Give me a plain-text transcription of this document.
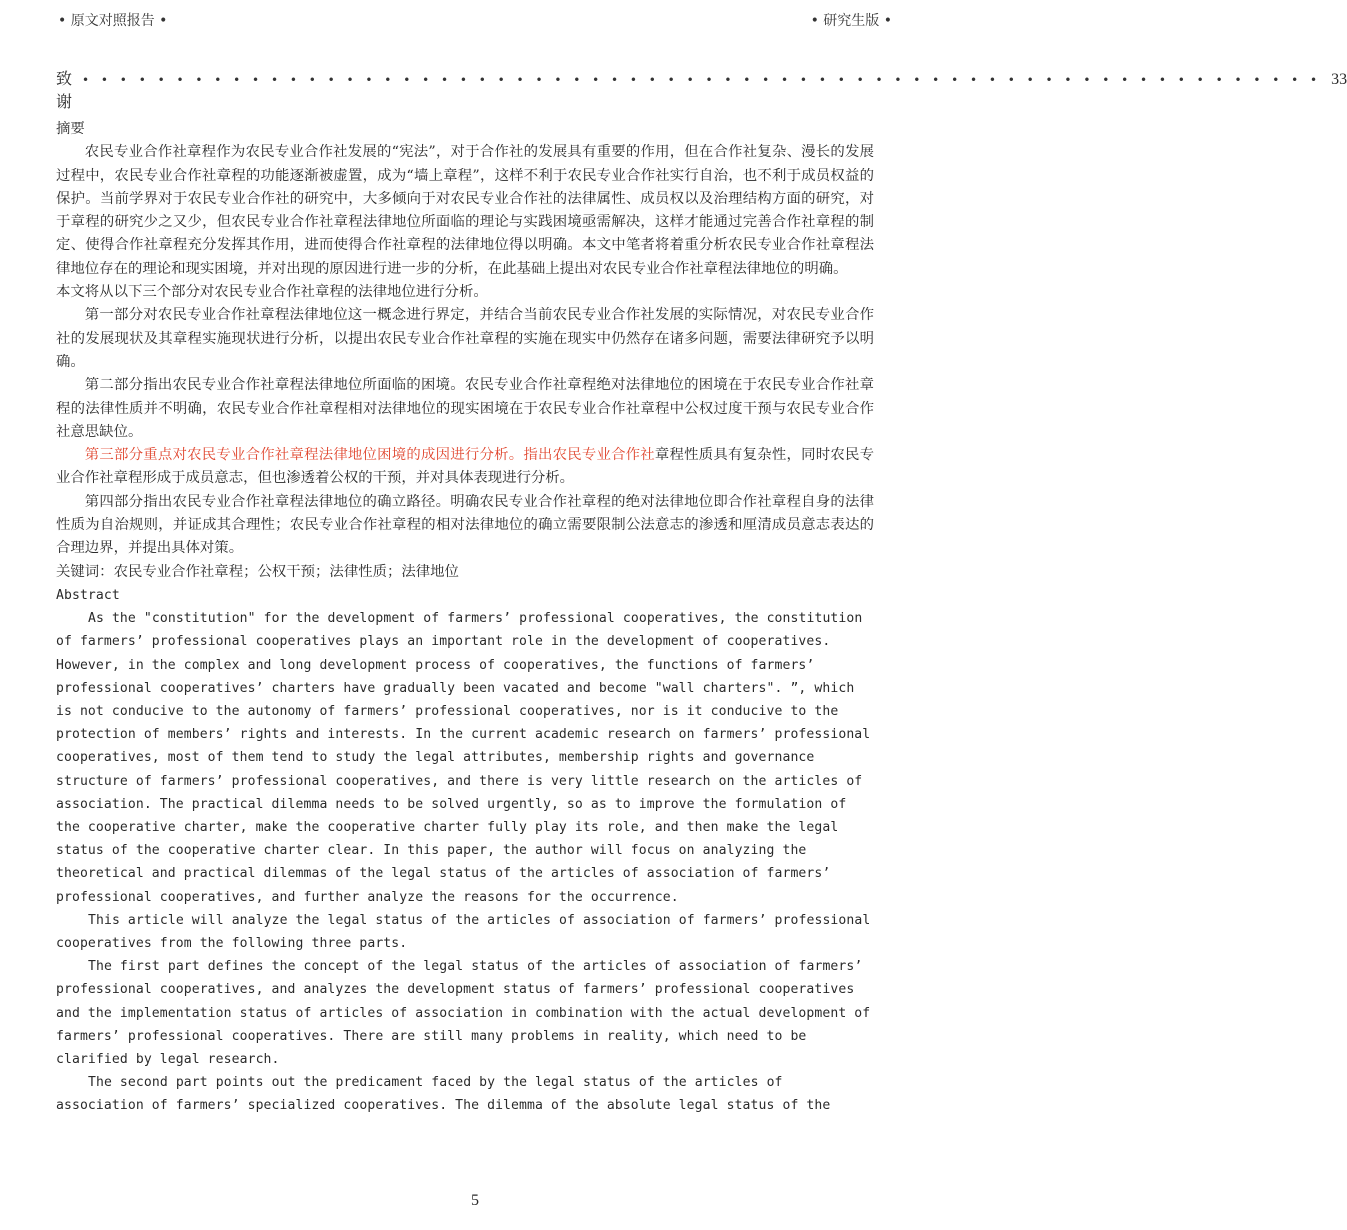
• 原文对照报告 •	• 研究生版 •
致谢
• • • • • • • • • • • • • • • • • • • • • • • • • • • • • • • • • • • • • • • • • • • • • • • • • • • • • • • • • • • • • • • • • • 33

摘要

农民专业合作社章程作为农民专业合作社发展的“宪法”，对于合作社的发展具有重要的作用，但在合作社复杂、漫长的发展过程中，农民专业合作社章程的功能逐渐被虚置，成为“墙上章程”，这样不利于农民专业合作社实行自治，也不利于成员权益的保护。当前学界对于农民专业合作社的研究中，大多倾向于对农民专业合作社的法律属性、成员权以及治理结构方面的研究，对于章程的研究少之又少，但农民专业合作社章程法律地位所面临的理论与实践困境亟需解决，这样才能通过完善合作社章程的制定、使得合作社章程充分发挥其作用，进而使得合作社章程的法律地位得以明确。本文中笔者将着重分析农民专业合作社章程法律地位存在的理论和现实困境，并对出现的原因进行进一步的分析，在此基础上提出对农民专业合作社章程法律地位的明确。

本文将从以下三个部分对农民专业合作社章程的法律地位进行分析。

第一部分对农民专业合作社章程法律地位这一概念进行界定，并结合当前农民专业合作社发展的实际情况，对农民专业合作社的发展现状及其章程实施现状进行分析，以提出农民专业合作社章程的实施在现实中仍然存在诸多问题，需要法律研究予以明确。

第二部分指出农民专业合作社章程法律地位所面临的困境。农民专业合作社章程绝对法律地位的困境在于农民专业合作社章程的法律性质并不明确，农民专业合作社章程相对法律地位的现实困境在于农民专业合作社章程中公权过度干预与农民专业合作社意思缺位。

第三部分重点对农民专业合作社章程法律地位困境的成因进行分析。指出农民专业合作社章程性质具有复杂性，同时农民专业合作社章程形成于成员意志，但也渗透着公权的干预，并对具体表现进行分析。

第四部分指出农民专业合作社章程法律地位的确立路径。明确农民专业合作社章程的绝对法律地位即合作社章程自身的法律性质为自治规则，并证成其合理性；农民专业合作社章程的相对法律地位的确立需要限制公法意志的渗透和厘清成员意志表达的合理边界，并提出具体对策。

关键词：农民专业合作社章程；公权干预；法律性质；法律地位

Abstract

As the "constitution" for the development of farmers’ professional cooperatives, the constitution of farmers’ professional cooperatives plays an important role in the development of cooperatives. However, in the complex and long development process of cooperatives, the functions of farmers’ professional cooperatives’ charters have gradually been vacated and become "wall charters". ”, which is not conducive to the autonomy of farmers’ professional cooperatives, nor is it conducive to the protection of members’ rights and interests. In the current academic research on farmers’ professional cooperatives, most of them tend to study the legal attributes, membership rights and governance structure of farmers’ professional cooperatives, and there is very little research on the articles of association. The practical dilemma needs to be solved urgently, so as to improve the formulation of the cooperative charter, make the cooperative charter fully play its role, and then make the legal status of the cooperative charter clear. In this paper, the author will focus on analyzing the theoretical and practical dilemmas of the legal status of the articles of association of farmers’ professional cooperatives, and further analyze the reasons for the occurrence.

This article will analyze the legal status of the articles of association of farmers’ professional cooperatives from the following three parts.

The first part defines the concept of the legal status of the articles of association of farmers’ professional cooperatives, and analyzes the development status of farmers’ professional cooperatives and the implementation status of articles of association in combination with the actual development of farmers’ professional cooperatives. There are still many problems in reality, which need to be clarified by legal research.

The second part points out the predicament faced by the legal status of the articles of association of farmers’ specialized cooperatives. The dilemma of the absolute legal status of the

5
